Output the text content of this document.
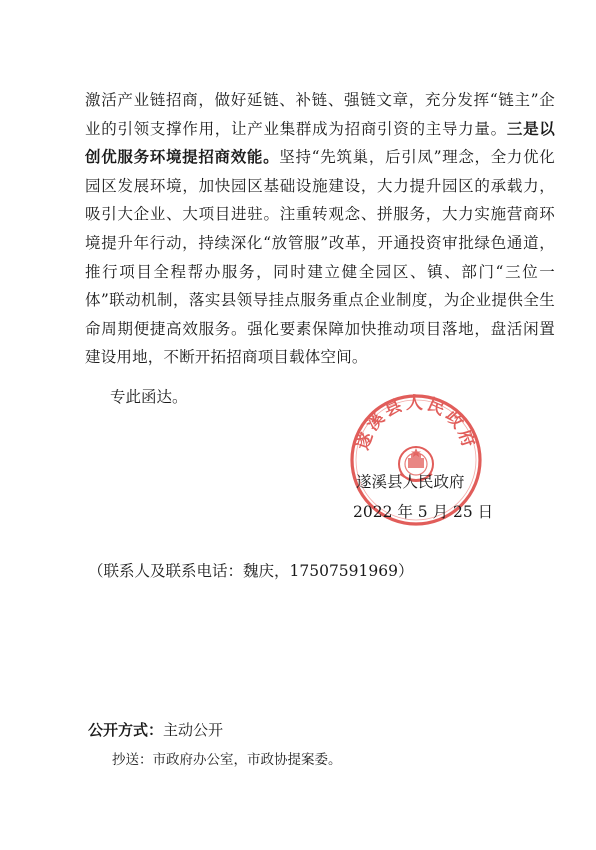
激活产业链招商，做好延链、补链、强链文章，充分发挥“链主”企业的引领支撑作用，让产业集群成为招商引资的主导力量。三是以创优服务环境提招商效能。坚持“先筑巢，后引凤”理念，全力优化园区发展环境，加快园区基础设施建设，大力提升园区的承载力，吸引大企业、大项目进驻。注重转观念、拼服务，大力实施营商环境提升年行动，持续深化“放管服”改革，开通投资审批绿色通道，推行项目全程帮办服务，同时建立健全园区、镇、部门“三位一体”联动机制，落实县领导挂点服务重点企业制度，为企业提供全生命周期便捷高效服务。强化要素保障加快推动项目落地，盘活闲置建设用地，不断开拓招商项目载体空间。

专此函达。
遂溪县人民政府
遂溪县人民政府
2022 年 5 月 25 日
（联系人及联系电话：魏庆，17507591969）
公开方式：主动公开
抄送：市政府办公室，市政协提案委。
